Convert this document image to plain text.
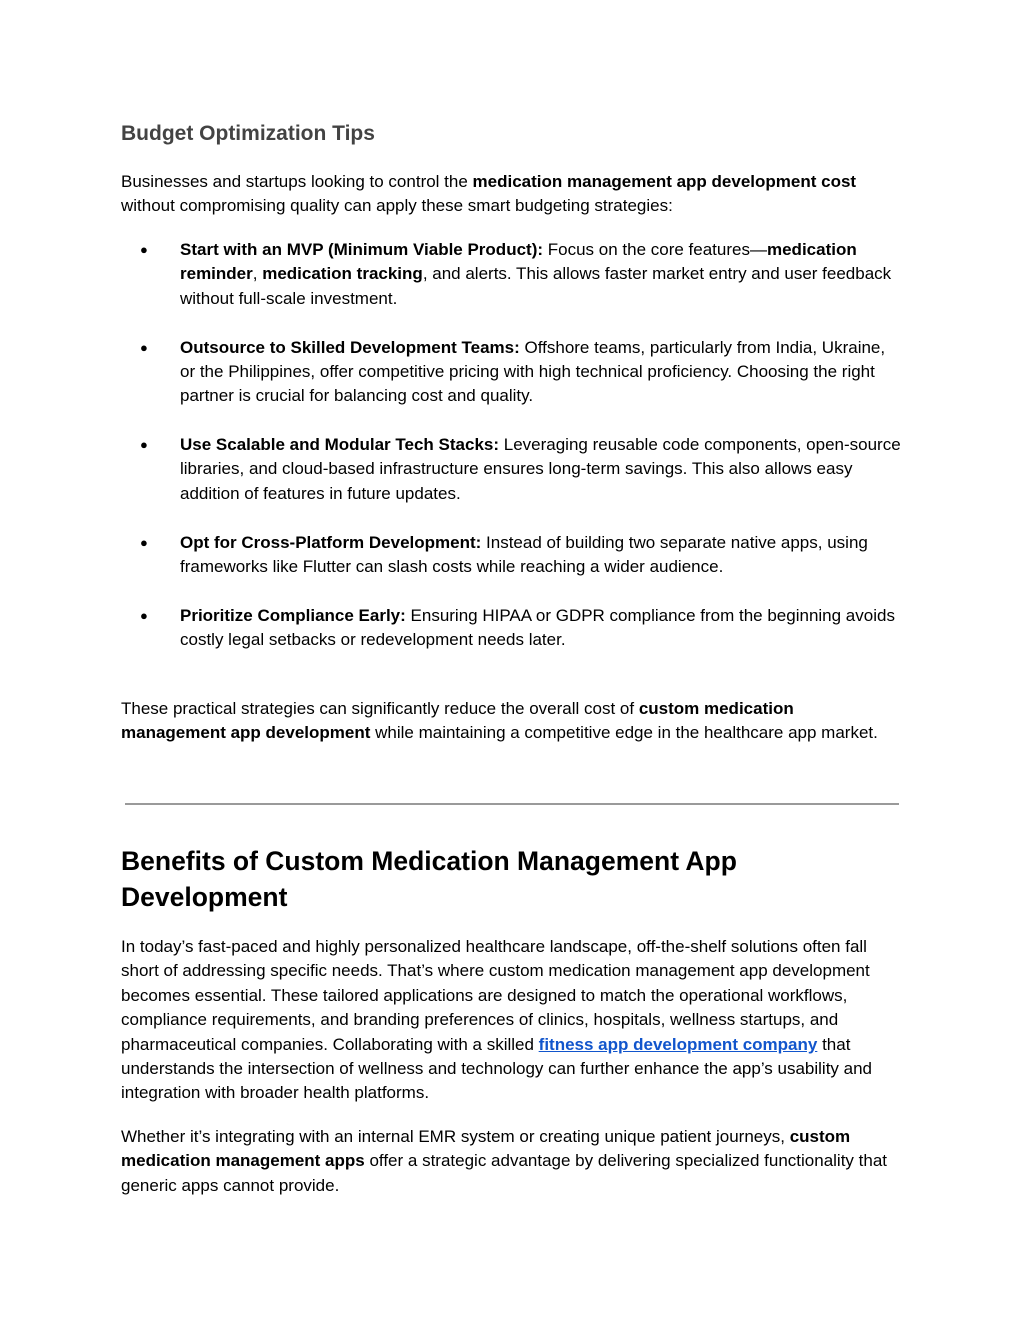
Budget Optimization Tips

Businesses and startups looking to control the medication management app development cost without compromising quality can apply these smart budgeting strategies:

● Start with an MVP (Minimum Viable Product): Focus on the core features—medication reminder, medication tracking, and alerts. This allows faster market entry and user feedback without full-scale investment.
● Outsource to Skilled Development Teams: Offshore teams, particularly from India, Ukraine, or the Philippines, offer competitive pricing with high technical proficiency. Choosing the right partner is crucial for balancing cost and quality.
● Use Scalable and Modular Tech Stacks: Leveraging reusable code components, open-source libraries, and cloud-based infrastructure ensures long-term savings. This also allows easy addition of features in future updates.
● Opt for Cross-Platform Development: Instead of building two separate native apps, using frameworks like Flutter can slash costs while reaching a wider audience.
● Prioritize Compliance Early: Ensuring HIPAA or GDPR compliance from the beginning avoids costly legal setbacks or redevelopment needs later.

These practical strategies can significantly reduce the overall cost of custom medication management app development while maintaining a competitive edge in the healthcare app market.

Benefits of Custom Medication Management App Development

In today’s fast-paced and highly personalized healthcare landscape, off-the-shelf solutions often fall short of addressing specific needs. That’s where custom medication management app development becomes essential. These tailored applications are designed to match the operational workflows, compliance requirements, and branding preferences of clinics, hospitals, wellness startups, and pharmaceutical companies. Collaborating with a skilled fitness app development company that understands the intersection of wellness and technology can further enhance the app’s usability and integration with broader health platforms.

Whether it’s integrating with an internal EMR system or creating unique patient journeys, custom medication management apps offer a strategic advantage by delivering specialized functionality that generic apps cannot provide.
